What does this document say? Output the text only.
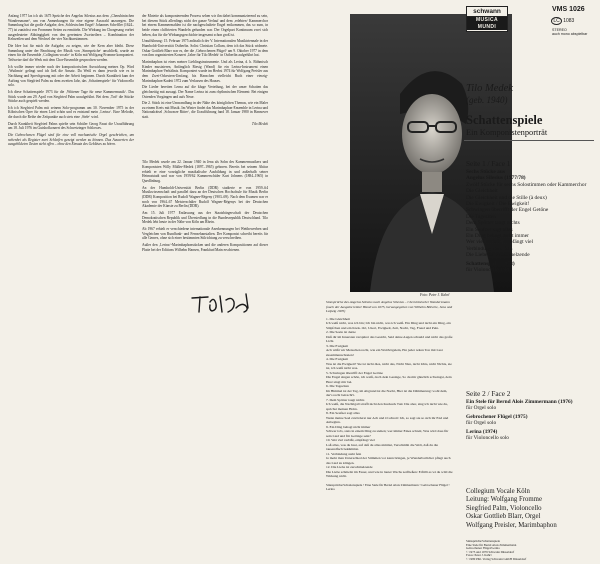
Anfang 1977 las ich als 1675 Sprüche des Angelus Silesius aus dem „Cherubinischen Wandersmann“, um von Anmerkungen für eine eigene Auswahl anzuregen. Die Sammlung hat die große Aufgabe, den ‚Schlesischen Engel‘ Johannes Scheffler (1624–77) ist zunächst von Frommen Seiten zu ermitteln. Die Wirkung im Chorgesang vorbei ausgedeuteter Abhängigkeit von den gereimten Zweizeilern – Kombination der Kehrzeilen und dem Wechsel der vier Nachbarstimmen.

Die Idee hat für mich die Aufgabe, zu zeigen, wie der Kern aber bleibt. Diese Sammlung unter der Beachtung der Musik von ‚Sinnsprüche‘ anschließt, wurde an einen für die Ensemble ‚Collegium vocale‘ in Köln mit Wolfgang Fromme komponiert. Teilweise darf die Werk mit dem Chor-Ensemble gesprochen werden.

Ich wollte immer wieder nach der kompositorischen Auswirkung meines Op. Wird ‚Wuthmis‘ gelingt und ich ließ die Ansatz. Da Weiß es dann jeweils wie es in Nachhang und Sprechgesang mit oder der Arbeit beginnen. Durch Krankheit kam der Auftrag von Siegfried Palm zu dem zweiten Jahr, das ‚Schattenspiele‘ für Violoncello solo.

Ich diese Schattenspiele 1973 für die ‚Wittener Tage für neue Kammermusik‘. Das Stück wurde am 29. April von Siegfried Palm uraufgeführt. Bei dem ‚Tod‘ die Stücke Stücke auch gespielt werden.

Ich ich Siegfried Palm mit seinem Solo-programm am 30. November 1975 in der Kölnischen Oper für einen Lied schön und es entstand mein ‚Lerina‘. Eine Melodie, die durch die Reihe der Zeitpunkte auch stets eine ‚Stele‘ wird.

Durch Krankheit Siegfried Palms spielte sein Schüler Georg Faust die Uraufführung am 18. Juli 1976 im Gutshofkonzert des Schwetzinger Schlosses.

Die Gebrochenen Flügel sind für eine voll mechanische Orgel geschrieben, um nebenbei als Register zwei Schleifen gezeigt werden zu können. Das Auswerten der ausgebildeten Tasten steht offen – ohne den Einsatz des Gebläses zu hören.

der Motette als komponierenden Prozess sehen wir ihn dabei kommunizierend zu sein, bei diesem Stück allerdings nicht der ganze Verlauf und dem ‚erlebten‘ Kammerchor bei einem Kammermahlen ist die nachgeschaltete Engel entkommen, das so zum, in beide einen chiffrierten Wandeln gefunden war. Der Orgelpart Kontinuum zwei sich heben, das für die Wirkungsgeschichte insgesamt schon groß ist.

Uraufführung: 15. Februar 1975 anlässlich der V. Internationalen Musiktriennale in der Humboldt-Universität Ostberlin. Solist Christian Collum, dem ich das Stück widmete. Oskar Gottlieb Blarr war es, der die ‚Gebrochenen Flügel‘ am 9. Oktober 1977 in dem von ihm organisierten Konzert ‚Jahre für Tilo Medek‘ in Ostberlin aufgeführt hat.

Marimbaphon ist eines meiner Lieblingsinstrumente. Und als Lerina, d. h. Böhmisch Kinder musizieren, Anfänglich Riesig (Wand) für ein Lerina-Instrument einen Marimbaphon-Verhältnis. Komponiert wurde im Herbst 1974 für Wolfgang Preisler aus dem Zwei-Orkestern-Umfang, bis Hanschen vielleicht Buch einer vierzig-Marimbaphon-Kadett 1972 zum Verlassen des Hauses.

Die Lieder bereiten Lerna auf die kluge Verteilung, bei der unser Schatten das gleichzeitig mit aussagt. Der Name Lerina ist zum rhythmischen Element: Bei einigen Ostenden Vorgängen und aufs Neue.

Die 2. Stück ist eine Umwandlung in der Nähe des königlichen Themas, wie ein Maler zu einem Kreis mit Musik. Im Winter findet das Marimbaphon-Ensemble in Lerina und Nationalrätsel ‚Schwarze Ritter‘, die Uraufführung fand 18. Januar 1980 in Hannover statt.

Tilo Medek

Tilo Medek wurde am 22. Januar 1940 in Jena als Sohn des Kammermusikers und Komponisten Willy Müller-Medek (1897–1965) geboren. Bereits bei seinem Abitur erhielt er eine vorzügliche musikalische Ausbildung in und außerhalb seiner Heimatstadt und war von 1959/62 Kammerschüler Kurt Johnens (1884–1965) in Quedlinburg.

An der Humboldt-Universität Berlin (DDR) studierte er von 1959–64 Musikwissenschaft und parallel dazu an der Deutschen Hochschule für Musik Berlin (DDR) Komposition bei Rudolf Wagner-Régeny (1903–69). Nach dem Examen war er noch von 1964–67 Meisterschüler Rudolf Wagner-Régenys bei der Deutschen Akademie der Künste zu Berlin (DDR).

Am 15. Juli 1977 Entlassung aus der Staatsbürgerschaft der Deutschen Demokratischen Republik und Übersiedlung in die Bundesrepublik Deutschland. Tilo Medek lebt heute in der Nähe von Köln am Rhein.

Ab 1967 erhielt er verschiedene internationale Anerkennungen bei Wettbewerben und Vergleichen von Rundfunk- und Fernsehanstalten. Der Komponist schreibt bereits für alle Genres, ohne sich einer bestimmten Stilrichtung zu verschreiben.

Außer den ‚Lerina‘-Marimbaphonstücken und die anderen Kompositionen auf dieser Platte bei der Editions Wilhelm Hansen, Frankfurt/Main erschienen.

Foto: Peter J. Kahrl
Sinnsprüche des Angelus Silesius nach Angelus Silesius – Cherubinischer Wandersmann (nach der Ausgabe letzter Hand von 1675, herausgegeben von Wilhelm Bölsche, Jena und Leipzig 1905)
1. Die Gleichheit
Ich weiß nicht, was ich bin; Ich bin nicht, was ich weiß. Ein Ding und nicht ein Ding, ein Stüpfchen und ein Kreis. Ort, Unort, Ewigkeit, Zeit, Nacht, Tag, Freud und Pein.
2. Die Seele ist derne
Daß dir im Innersten verspüret das Gesicht, Seid deine Augen schauld und nicht das große Licht.
3. Die Ewigkeit
Ach wüßt wir Menschen recht, wie ein Waldvögelein, Ein jeder reiten Ton mit Lust zusammenschreien!
4. Die Ewigkeit
Was ist die Ewigkeit? Sie ist nicht dies, nicht das, Nicht Nun, nicht Ichts, nicht Nichts, sie ist, ich weiß nicht was.
5. Schwingen überrifft der Engel Getöne
Die Engel singen schön, ich weiß, doch dein Gesinge, So du mir gänzlich schwingst, dein Herz singt mir bei.
6. Die Tageziten
Im Himmel ist der Tag, im Abgrund ist die Nacht, Hier ist die Dämmerung: wohl dem, der's recht betracht't.
7. Dem Spötter taugt nichts
Ich weiß, die Nachtigall strafft nicht den Kuckuck Tun: Die aber, sing ich nicht wie du, sprichst meinen Hohn.
8. Ein Seufzer sagt alles
Wenn meine Seel zuvörderst nur Ach und O schreit: Ich, so sagt sie so sich ihr End und Anbeginn.
9. Ein Ding behagt nicht immer
Schwer ist's, stets in einem Ding zu stehen; wer immer Eines schreit, Was wird dass für sein Lied und für Getönge sein?
10. Wer viel verläßt, empfängt viel
Laß alles, was du hast, auf daß du alles nimmst, Verschmäh die Welt, daß du die tausendfach bekümmst.
11. Verbindung steht fein
Je mehr man Unterschied der Stimmen vor kann bringen, je Wunderbarlicher pflegt auch das Lied zu klingen.
12. Die Liebe ist zerschmelzende
Die Liebe schmelzt im Feuer, und wie in lauter Wachs zerfließen: Erfüllt es wi du wild die Wirkung nicht.
Sinnsprüche/Schattenspiele • Eine Stele für Bernd Alois Zimmermann • Gebrochener Flügel • Lerina
schwann
MUSICA MUNDI
VMS 1026
LC 1083
STEREO
auch mono abspielbar
Tilo Medek
(geb. 1940)
Schattenspiele
Ein Komponistenporträt
Seite 1 / Face 1
Sechs Stücke aus
Angelus Silesius (1977/78)
Zwölf Stücke für sechs Solostimmen oder Kammerchor
Die Gleichheit
Die Gleichheit und die Stille (à deux)
Die Ewigkeit / Die Ewigkeit!
Schwingen überrifft der Engel Getöne
Die Tageziten
Dem Spötter taugt nichts
Ein Seufzer sagt alles
Ein Ding behagt nicht immer
Wer viel verläßt, empfängt viel
Verbindung steht fein
Die Liebe ist zerschmelzende
Schattenspiele (1973)
für Violoncello solo
Seite 2 / Face 2
Ein Stele für Bernd Alois Zimmermann (1976)
für Orgel solo
Gebrochener Flügel (1975)
für Orgel solo
Lerina (1974)
für Violoncello solo
Collegium Vocale Köln
Leitung: Wolfgang Fromme
Siegfried Palm, Violoncello
Oskar Gottlieb Blarr, Orgel
Wolfgang Preisler, Marimbaphon
Sinnsprüche/Schattenspiele
Eine Stele für Bernd Alois Zimmermann
Gebrochener Flügel/Lerina
© 1975 und 1979 Schwann Düsseldorf
Fotos: Peter J. Kahrl
© 1980 Phil. Verlag Schwann GmbH Düsseldorf
